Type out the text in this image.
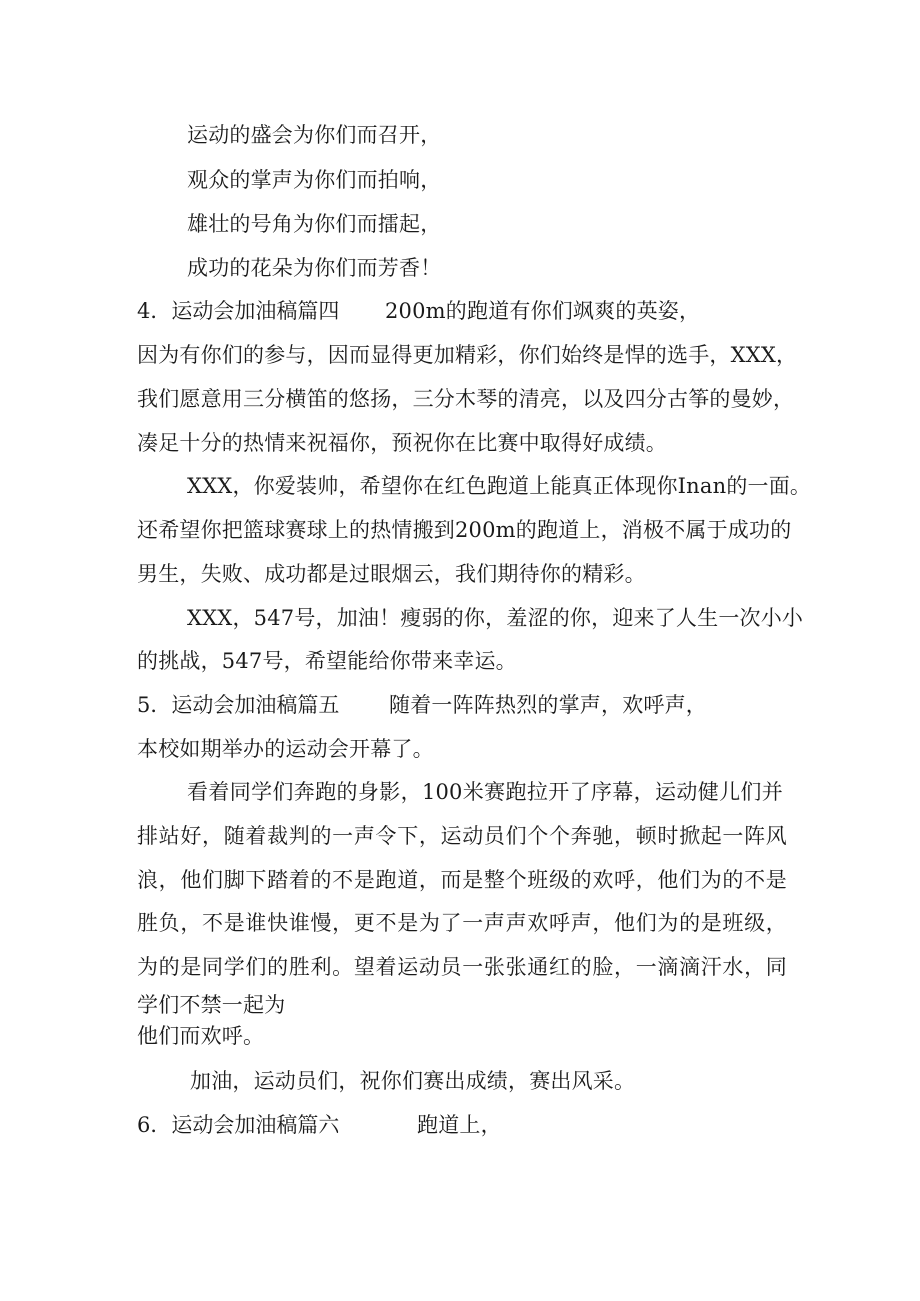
运动的盛会为你们而召开，
观众的掌声为你们而拍响，
雄壮的号角为你们而擂起，
成功的花朵为你们而芳香！
4．运动会加油稿篇四 200m的跑道有你们飒爽的英姿，
因为有你们的参与，因而显得更加精彩，你们始终是悍的选手，XXX，
我们愿意用三分横笛的悠扬，三分木琴的清亮，以及四分古筝的曼妙，
凑足十分的热情来祝福你，预祝你在比赛中取得好成绩。
XXX，你爱装帅，希望你在红色跑道上能真正体现你Inan的一面。
还希望你把篮球赛球上的热情搬到200m的跑道上，消极不属于成功的
男生，失败、成功都是过眼烟云，我们期待你的精彩。
XXX，547号，加油！瘦弱的你，羞涩的你，迎来了人生一次小小
的挑战，547号，希望能给你带来幸运。
5．运动会加油稿篇五 随着一阵阵热烈的掌声，欢呼声，
本校如期举办的运动会开幕了。
看着同学们奔跑的身影，100米赛跑拉开了序幕，运动健儿们并
排站好，随着裁判的一声令下，运动员们个个奔驰，顿时掀起一阵风
浪，他们脚下踏着的不是跑道，而是整个班级的欢呼，他们为的不是
胜负，不是谁快谁慢，更不是为了一声声欢呼声，他们为的是班级，
为的是同学们的胜利。望着运动员一张张通红的脸，一滴滴汗水，同
学们不禁一起为
他们而欢呼。
加油，运动员们，祝你们赛出成绩，赛出风采。
6．运动会加油稿篇六	跑道上，
